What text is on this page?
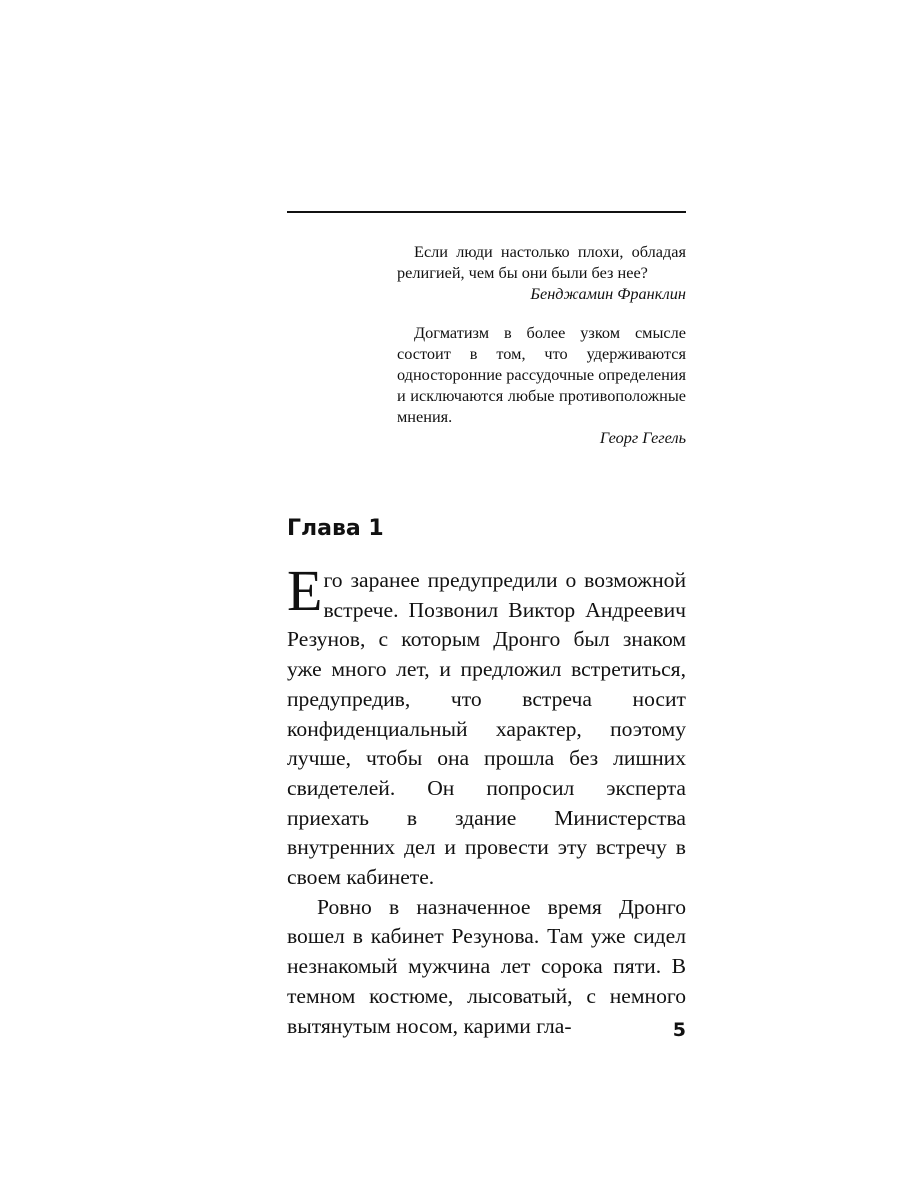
Если люди настолько плохи, обладая религией, чем бы они были без нее?

Бенджамин Франклин

Догматизм в более узком смысле состоит в том, что удерживаются односторонние рассудочные определения и исключаются любые противоположные мнения.

Георг Гегель

Глава 1

Его заранее предупредили о возможной встрече. Позвонил Виктор Андреевич Резунов, с которым Дронго был знаком уже много лет, и предложил встретиться, предупредив, что встреча носит конфиденциальный характер, поэтому лучше, чтобы она прошла без лишних свидетелей. Он попросил эксперта приехать в здание Министерства внутренних дел и провести эту встречу в своем кабинете.

Ровно в назначенное время Дронго вошел в кабинет Резунова. Там уже сидел незнакомый мужчина лет сорока пяти. В темном костюме, лысоватый, с немного вытянутым носом, карими гла-	5
